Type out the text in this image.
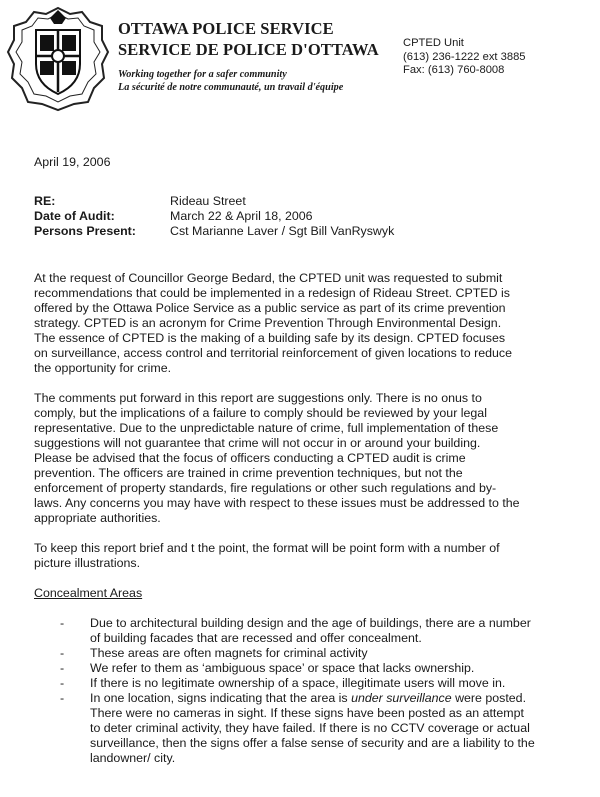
OTTAWA POLICE SERVICE
SERVICE DE POLICE D'OTTAWA
Working together for a safer community
La sécurité de notre communauté, un travail d'équipe
CPTED Unit
(613) 236-1222 ext 3885
Fax: (613) 760-8008
April 19, 2006
RE:	Rideau Street
Date of Audit:	March 22 & April 18, 2006
Persons Present:	Cst Marianne Laver / Sgt Bill VanRyswyk

At the request of Councillor George Bedard, the CPTED unit was requested to submit
recommendations that could be implemented in a redesign of Rideau Street. CPTED is
offered by the Ottawa Police Service as a public service as part of its crime prevention
strategy. CPTED is an acronym for Crime Prevention Through Environmental Design.
The essence of CPTED is the making of a building safe by its design. CPTED focuses
on surveillance, access control and territorial reinforcement of given locations to reduce
the opportunity for crime.

The comments put forward in this report are suggestions only. There is no onus to
comply, but the implications of a failure to comply should be reviewed by your legal
representative. Due to the unpredictable nature of crime, full implementation of these
suggestions will not guarantee that crime will not occur in or around your building.
Please be advised that the focus of officers conducting a CPTED audit is crime
prevention. The officers are trained in crime prevention techniques, but not the
enforcement of property standards, fire regulations or other such regulations and by-
laws. Any concerns you may have with respect to these issues must be addressed to the
appropriate authorities.

To keep this report brief and t the point, the format will be point form with a number of
picture illustrations.

Concealment Areas
- Due to architectural building design and the age of buildings, there are a number
of building facades that are recessed and offer concealment.
- These areas are often magnets for criminal activity
- We refer to them as ‘ambiguous space’ or space that lacks ownership.
- If there is no legitimate ownership of a space, illegitimate users will move in.
- In one location, signs indicating that the area is under surveillance were posted.
There were no cameras in sight. If these signs have been posted as an attempt
to deter criminal activity, they have failed. If there is no CCTV coverage or actual
surveillance, then the signs offer a false sense of security and are a liability to the
landowner/ city.
